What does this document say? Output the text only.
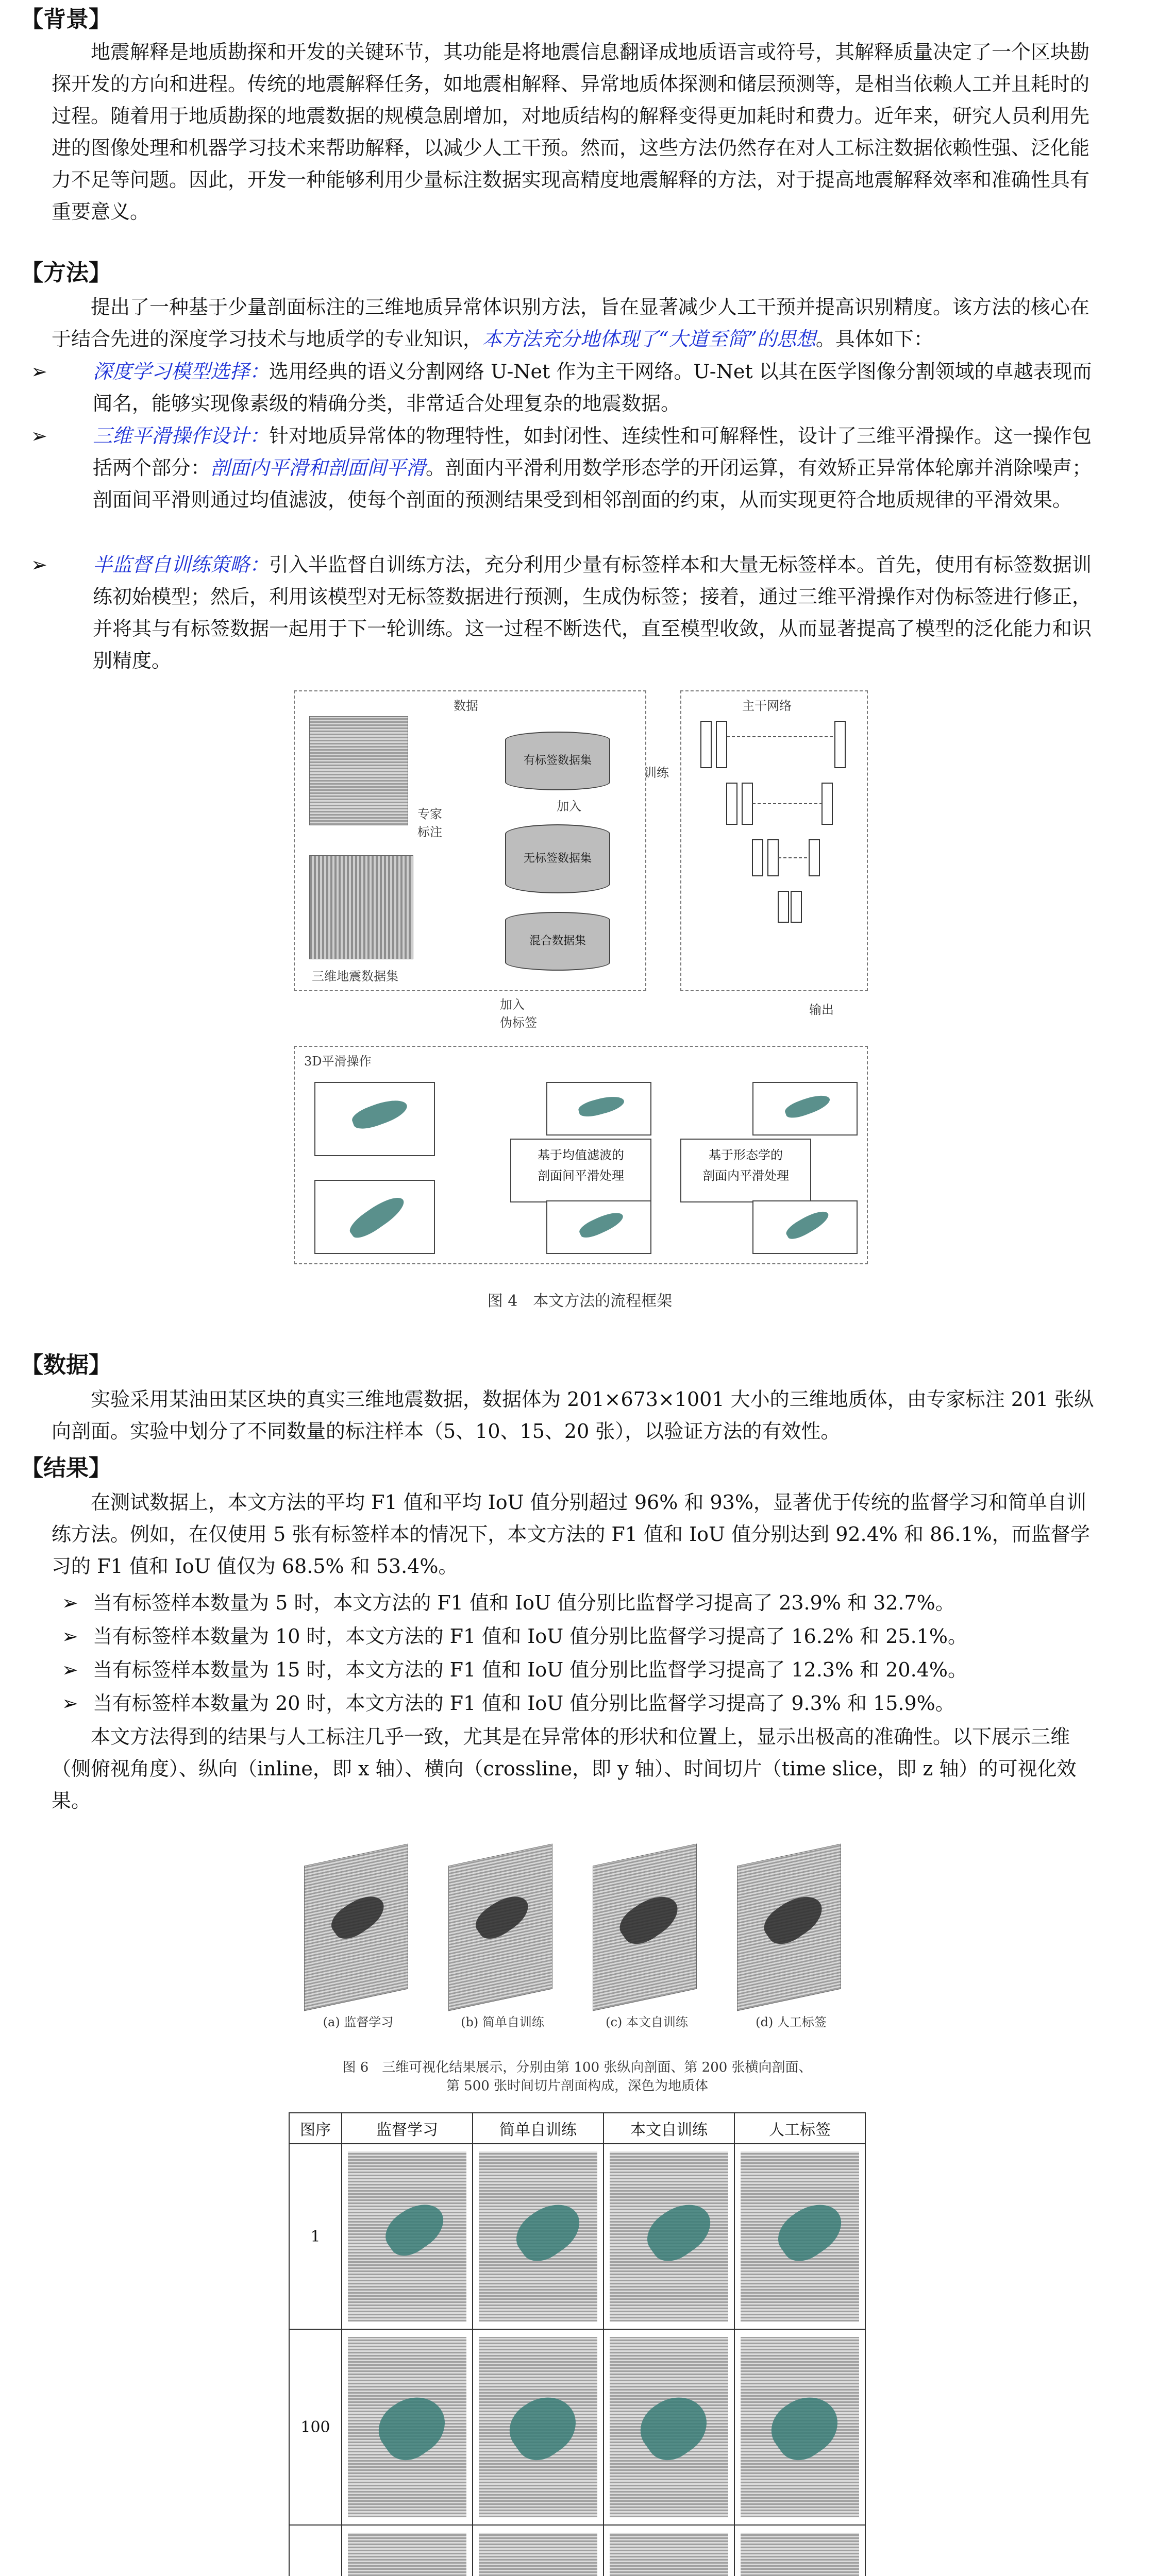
【背景】

地震解释是地质勘探和开发的关键环节，其功能是将地震信息翻译成地质语言或符号，其解释质量决定了一个区块勘探开发的方向和进程。传统的地震解释任务，如地震相解释、异常地质体探测和储层预测等，是相当依赖人工并且耗时的过程。随着用于地质勘探的地震数据的规模急剧增加，对地质结构的解释变得更加耗时和费力。近年来，研究人员利用先进的图像处理和机器学习技术来帮助解释，以减少人工干预。然而，这些方法仍然存在对人工标注数据依赖性强、泛化能力不足等问题。因此，开发一种能够利用少量标注数据实现高精度地震解释的方法，对于提高地震解释效率和准确性具有重要意义。

【方法】

提出了一种基于少量剖面标注的三维地质异常体识别方法，旨在显著减少人工干预并提高识别精度。该方法的核心在于结合先进的深度学习技术与地质学的专业知识，本方法充分地体现了“大道至简”的思想。具体如下：

➢ 深度学习模型选择：选用经典的语义分割网络 U-Net 作为主干网络。U-Net 以其在医学图像分割领域的卓越表现而闻名，能够实现像素级的精确分类，非常适合处理复杂的地震数据。
➢ 三维平滑操作设计：针对地质异常体的物理特性，如封闭性、连续性和可解释性，设计了三维平滑操作。这一操作包括两个部分：剖面内平滑和剖面间平滑。剖面内平滑利用数学形态学的开闭运算，有效矫正异常体轮廓并消除噪声；剖面间平滑则通过均值滤波，使每个剖面的预测结果受到相邻剖面的约束，从而实现更符合地质规律的平滑效果。
➢ 半监督自训练策略：引入半监督自训练方法，充分利用少量有标签样本和大量无标签样本。首先，使用有标签数据训练初始模型；然后，利用该模型对无标签数据进行预测，生成伪标签；接着，通过三维平滑操作对伪标签进行修正，并将其与有标签数据一起用于下一轮训练。这一过程不断迭代，直至模型收敛，从而显著提高了模型的泛化能力和识别精度。
数据
三维地震数据集
专家
标注
有标签数据集
无标签数据集
混合数据集
加入
主干网络
训练
输出
加入
伪标签
3D平滑操作
基于均值滤波的
剖面间平滑处理
基于形态学的
剖面内平滑处理
图 4　本文方法的流程框架
【数据】

实验采用某油田某区块的真实三维地震数据，数据体为 201×673×1001 大小的三维地质体，由专家标注 201 张纵向剖面。实验中划分了不同数量的标注样本（5、10、15、20 张），以验证方法的有效性。

【结果】

在测试数据上，本文方法的平均 F1 值和平均 IoU 值分别超过 96% 和 93%，显著优于传统的监督学习和简单自训练方法。例如，在仅使用 5 张有标签样本的情况下，本文方法的 F1 值和 IoU 值分别达到 92.4% 和 86.1%，而监督学习的 F1 值和 IoU 值仅为 68.5% 和 53.4%。

➢ 当有标签样本数量为 5 时，本文方法的 F1 值和 IoU 值分别比监督学习提高了 23.9% 和 32.7%。
➢ 当有标签样本数量为 10 时，本文方法的 F1 值和 IoU 值分别比监督学习提高了 16.2% 和 25.1%。
➢ 当有标签样本数量为 15 时，本文方法的 F1 值和 IoU 值分别比监督学习提高了 12.3% 和 20.4%。
➢ 当有标签样本数量为 20 时，本文方法的 F1 值和 IoU 值分别比监督学习提高了 9.3% 和 15.9%。

本文方法得到的结果与人工标注几乎一致，尤其是在异常体的形状和位置上，显示出极高的准确性。以下展示三维（侧俯视角度）、纵向（inline，即 x 轴）、横向（crossline，即 y 轴）、时间切片（time slice，即 z 轴）的可视化效果。

(a) 监督学习	(b) 简单自训练	(c) 本文自训练	(d) 人工标签
图 6　三维可视化结果展示，分别由第 100 张纵向剖面、第 200 张横向剖面、
第 500 张时间切片剖面构成，深色为地质体
图序	监督学习	简单自训练	本文自训练	人工标签
1	

100	
